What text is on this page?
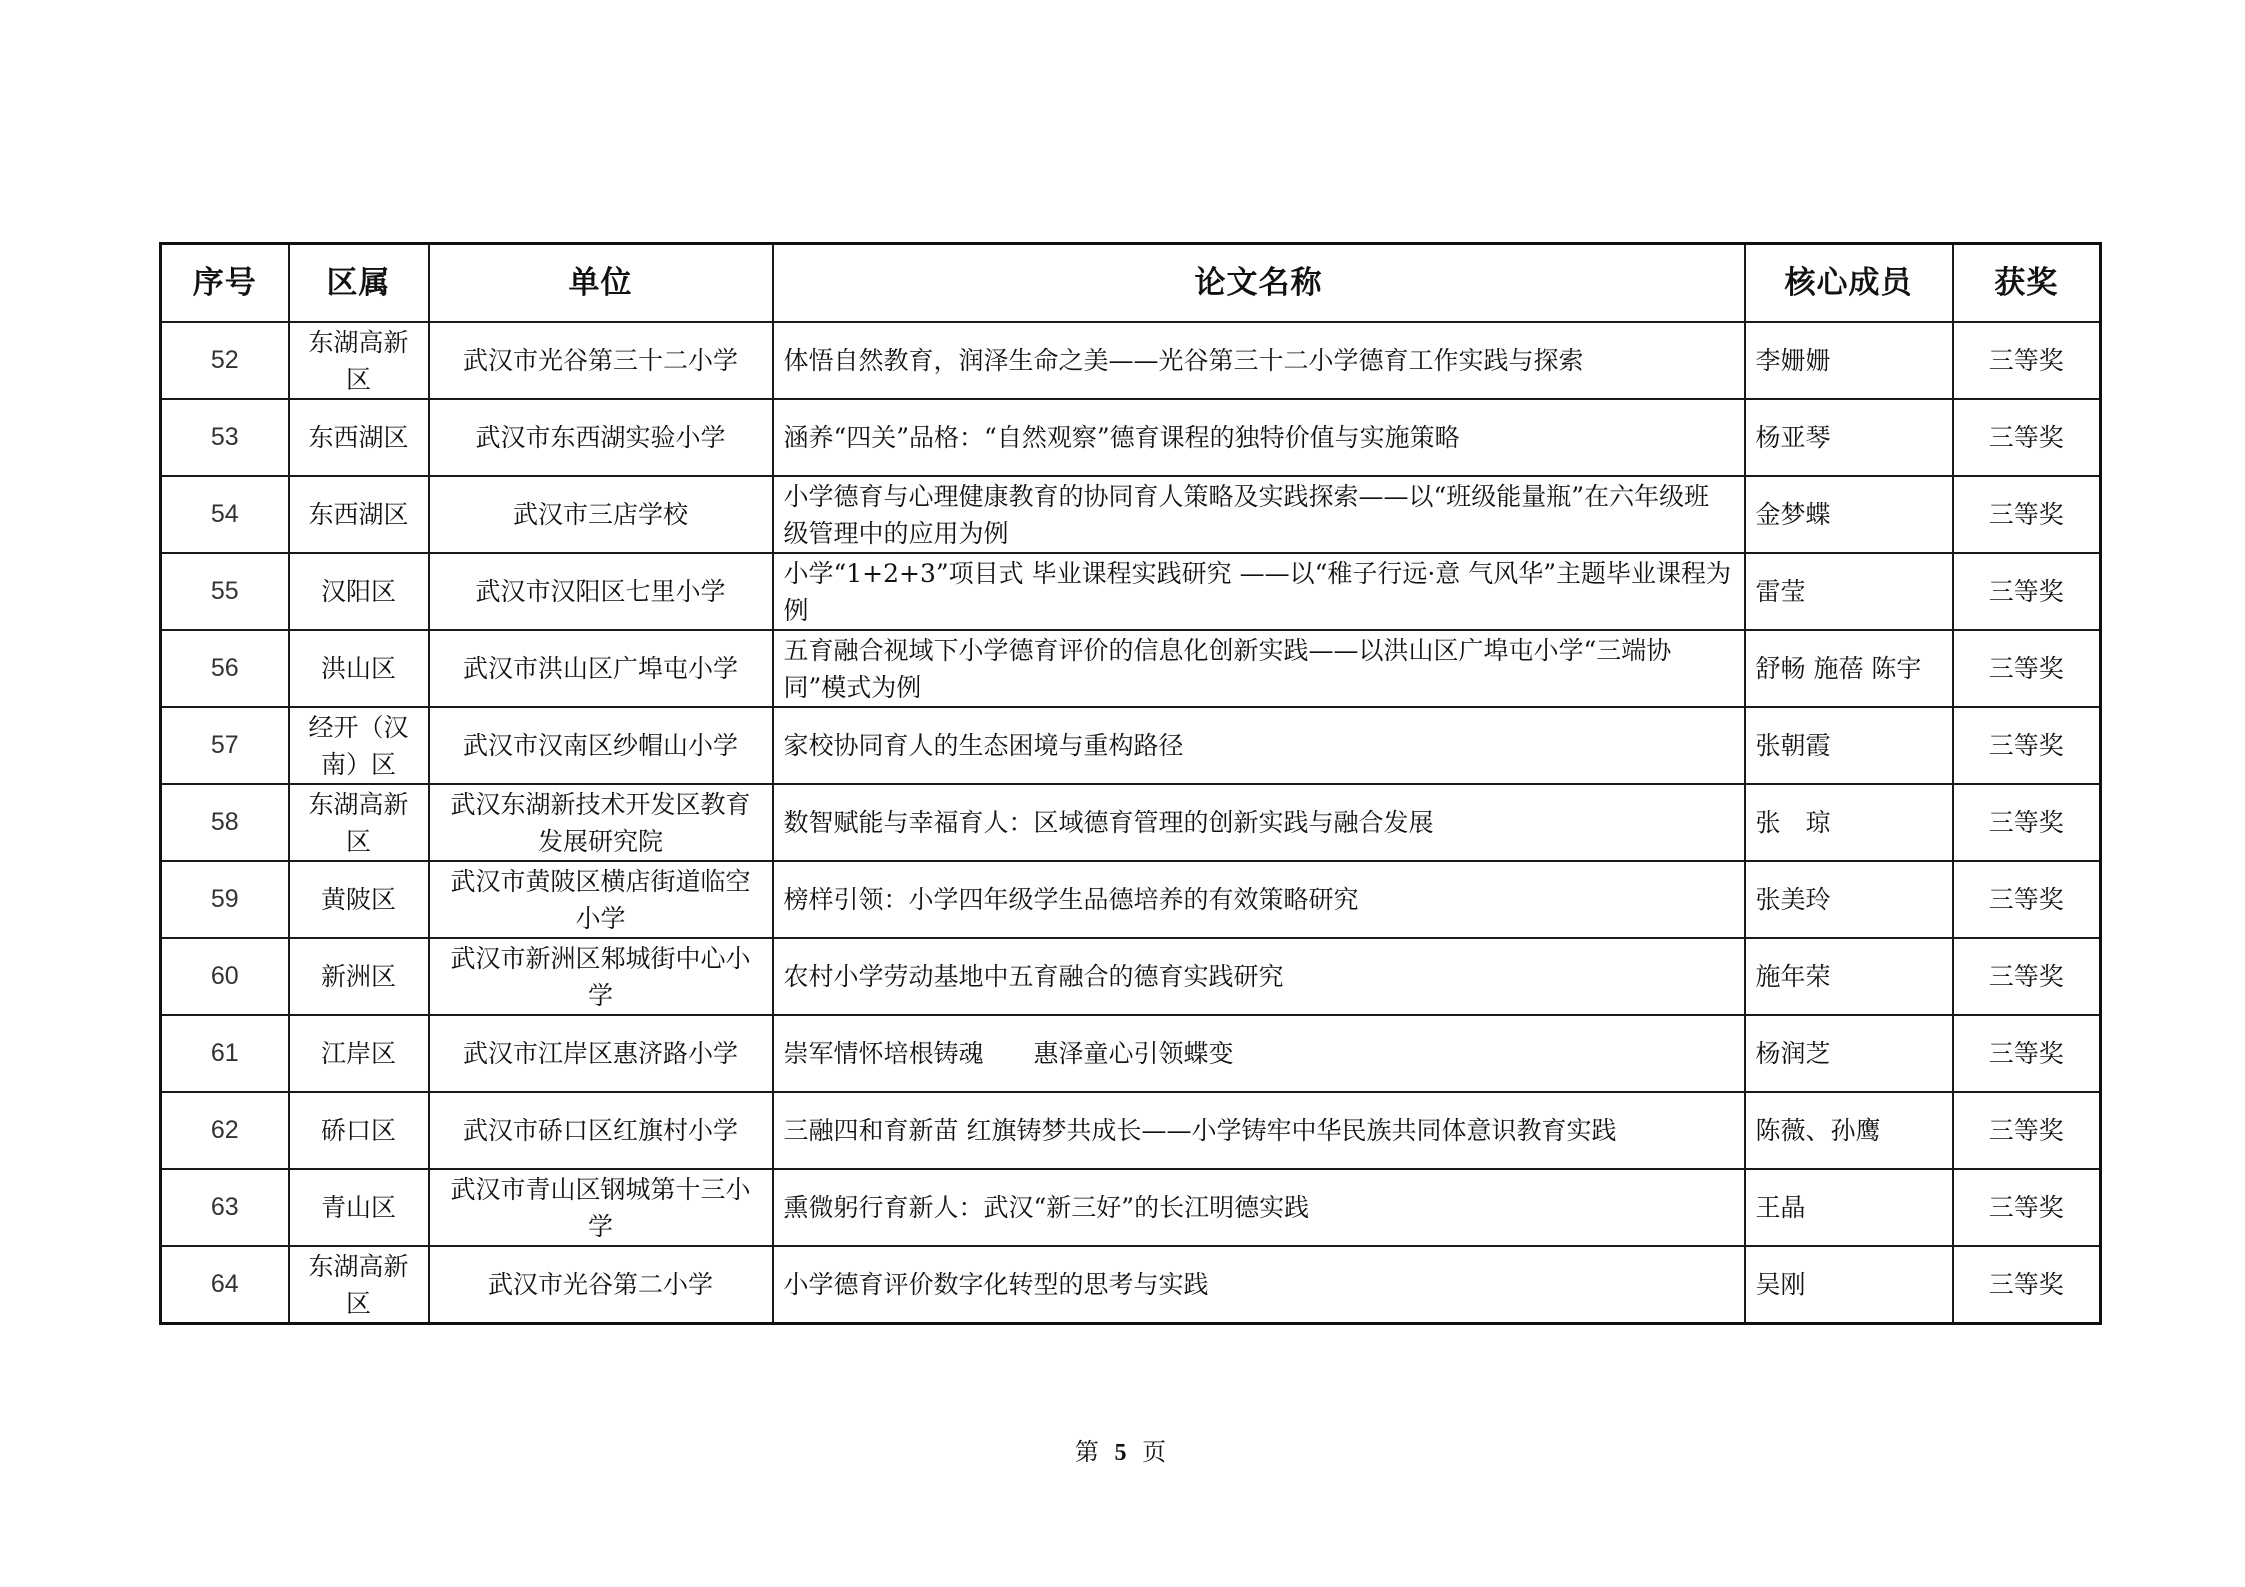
序号	区属	单位	论文名称	核心成员	获奖
52	东湖高新区	武汉市光谷第三十二小学	体悟自然教育，润泽生命之美——光谷第三十二小学德育工作实践与探索	李姗姗	三等奖
53	东西湖区	武汉市东西湖实验小学	涵养“四关”品格：“自然观察”德育课程的独特价值与实施策略	杨亚琴	三等奖
54	东西湖区	武汉市三店学校	小学德育与心理健康教育的协同育人策略及实践探索——以“班级能量瓶”在六年级班级管理中的应用为例	金梦蝶	三等奖
55	汉阳区	武汉市汉阳区七里小学	小学“1+2+3”项目式 毕业课程实践研究 ——以“稚子行远·意 气风华”主题毕业课程为例	雷莹	三等奖
56	洪山区	武汉市洪山区广埠屯小学	五育融合视域下小学德育评价的信息化创新实践——以洪山区广埠屯小学“三端协同”模式为例	舒畅 施蓓 陈宇	三等奖
57	经开（汉南）区	武汉市汉南区纱帽山小学	家校协同育人的生态困境与重构路径	张朝霞	三等奖
58	东湖高新区	武汉东湖新技术开发区教育发展研究院	数智赋能与幸福育人：区域德育管理的创新实践与融合发展	张　琼	三等奖
59	黄陂区	武汉市黄陂区横店街道临空小学	榜样引领：小学四年级学生品德培养的有效策略研究	张美玲	三等奖
60	新洲区	武汉市新洲区邾城街中心小学	农村小学劳动基地中五育融合的德育实践研究	施年荣	三等奖
61	江岸区	武汉市江岸区惠济路小学	崇军情怀培根铸魂　　惠泽童心引领蝶变	杨润芝	三等奖
62	硚口区	武汉市硚口区红旗村小学	三融四和育新苗 红旗铸梦共成长——小学铸牢中华民族共同体意识教育实践	陈薇、孙鹰	三等奖
63	青山区	武汉市青山区钢城第十三小学	熏微躬行育新人：武汉“新三好”的长江明德实践	王晶	三等奖
64	东湖高新区	武汉市光谷第二小学	小学德育评价数字化转型的思考与实践	吴刚	三等奖
第 5 页
